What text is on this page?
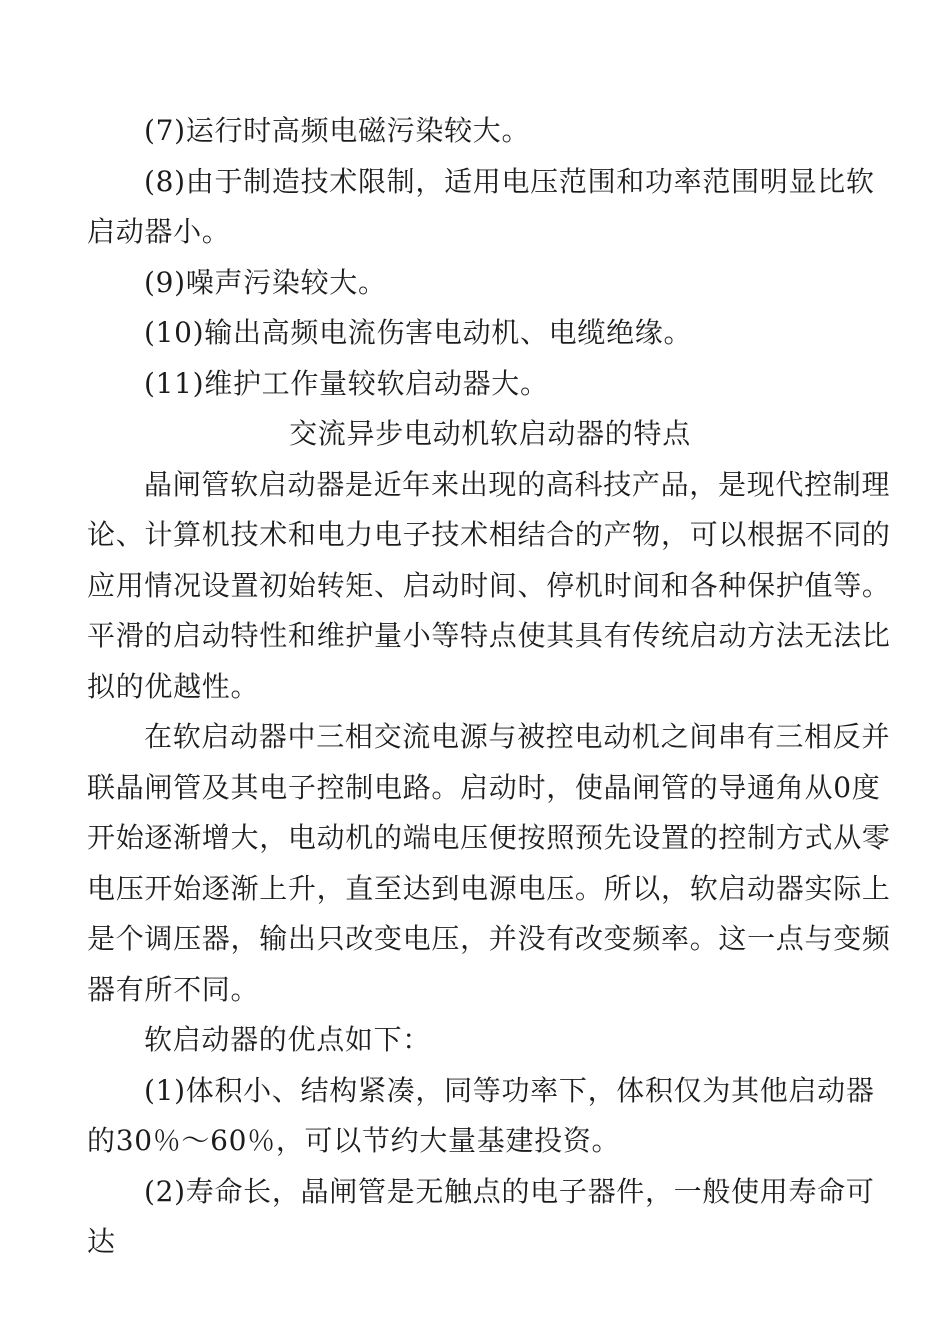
(7)运行时高频电磁污染较大。

(8)由于制造技术限制，适用电压范围和功率范围明显比软启动器小。

(9)噪声污染较大。

(10)输出高频电流伤害电动机、电缆绝缘。

(11)维护工作量较软启动器大。

交流异步电动机软启动器的特点

晶闸管软启动器是近年来出现的高科技产品，是现代控制理论、计算机技术和电力电子技术相结合的产物，可以根据不同的应用情况设置初始转矩、启动时间、停机时间和各种保护值等。平滑的启动特性和维护量小等特点使其具有传统启动方法无法比拟的优越性。

在软启动器中三相交流电源与被控电动机之间串有三相反并联晶闸管及其电子控制电路。启动时，使晶闸管的导通角从0度开始逐渐增大，电动机的端电压便按照预先设置的控制方式从零电压开始逐渐上升，直至达到电源电压。所以，软启动器实际上是个调压器，输出只改变电压，并没有改变频率。这一点与变频器有所不同。

软启动器的优点如下：

(1)体积小、结构紧凑，同等功率下，体积仅为其他启动器的30％～60％，可以节约大量基建投资。

(2)寿命长，晶闸管是无触点的电子器件，一般使用寿命可达
